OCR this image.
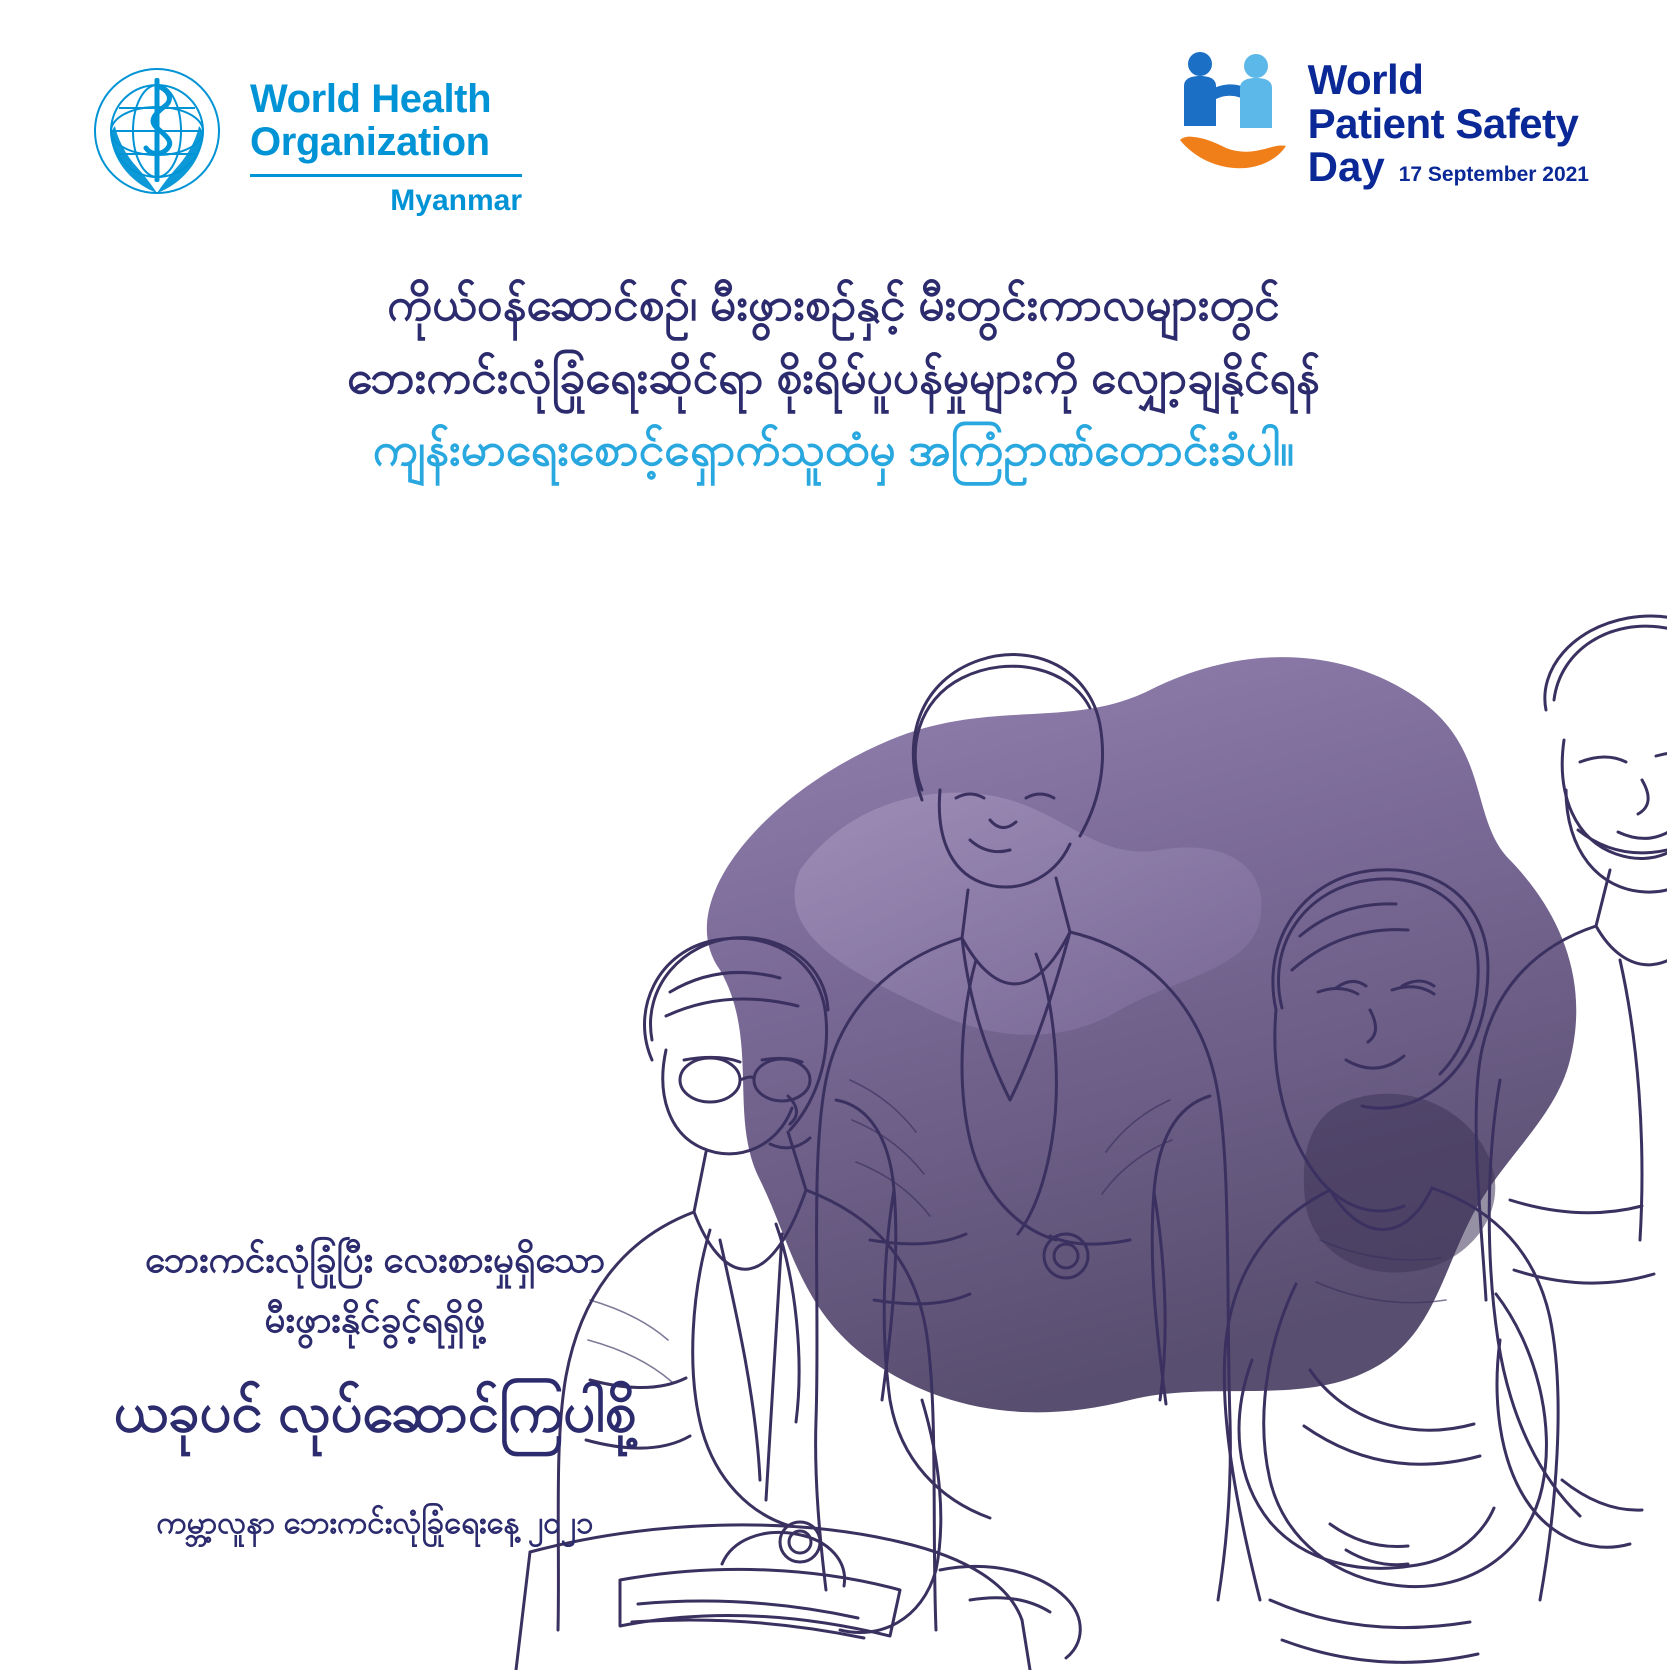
World Health
Organization
Myanmar
World
Patient Safety
Day 17 September 2021
ကိုယ်ဝန်ဆောင်စဉ်၊ မီးဖွားစဉ်နှင့် မီးတွင်းကာလများတွင်
ဘေးကင်းလုံခြုံရေးဆိုင်ရာ စိုးရိမ်ပူပန်မှုများကို လျှော့ချနိုင်ရန်
ကျန်းမာရေးစောင့်ရှောက်သူထံမှ အကြံဥာဏ်တောင်းခံပါ။
ဘေးကင်းလုံခြုံပြီး လေးစားမှုရှိသော
မီးဖွားနိုင်ခွင့်ရရှိဖို့
ယခုပင် လုပ်ဆောင်ကြပါစို့
ကမ္ဘာ့လူနာ ဘေးကင်းလုံခြုံရေးနေ့ ၂၀၂၁
